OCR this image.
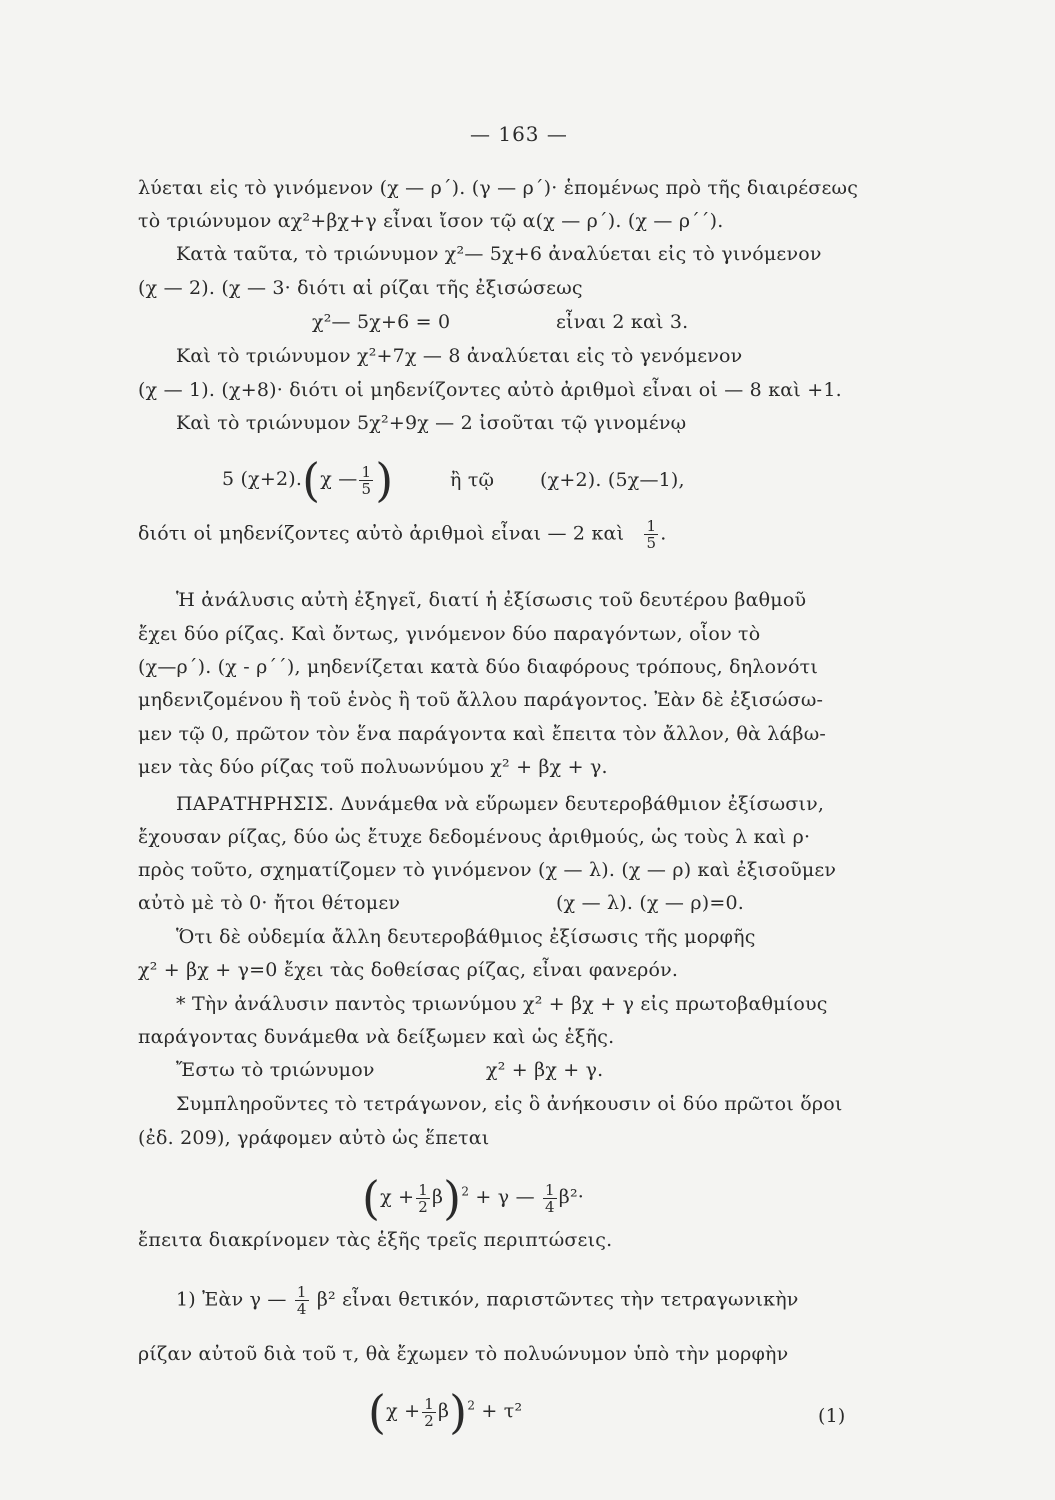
— 163 —
λύεται εἰς τὸ γινόμενον (χ — ρ΄). (γ — ρ΄)· ἑπομένως πρὸ τῆς διαιρέσεως
τὸ τριώνυμον αχ²+βχ+γ εἶναι ἴσον τῷ α(χ — ρ΄). (χ — ρ΄΄).
Κατὰ ταῦτα, τὸ τριώνυμον χ²— 5χ+6 ἀναλύεται εἰς τὸ γινόμενον
(χ — 2). (χ — 3· διότι αἱ ρίζαι τῆς ἐξισώσεως
χ²— 5χ+6 = 0	εἶναι 2 καὶ 3.
Καὶ τὸ τριώνυμον χ²+7χ — 8 ἀναλύεται εἰς τὸ γενόμενον
(χ — 1). (χ+8)· διότι οἱ μηδενίζοντες αὐτὸ ἀριθμοὶ εἶναι οἱ — 8 καὶ +1.
Καὶ τὸ τριώνυμον 5χ²+9χ — 2 ἰσοῦται τῷ γινομένῳ
5 (χ+2).(χ — $\frac{1}{5}$ )	ἢ τῷ (χ+2). (5χ—1),
διότι οἱ μηδενίζοντες αὐτὸ ἀριθμοὶ εἶναι — 2 καὶ $\frac{1}{5}$ .
Ἡ ἀνάλυσις αὐτὴ ἐξηγεῖ, διατί ἡ ἐξίσωσις τοῦ δευτέρου βαθμοῦ
ἔχει δύο ρίζας. Καὶ ὄντως, γινόμενον δύο παραγόντων, οἷον τὸ
(χ—ρ΄). (χ - ρ΄΄), μηδενίζεται κατὰ δύο διαφόρους τρόπους, δηλονότι
μηδενιζομένου ἢ τοῦ ἑνὸς ἢ τοῦ ἄλλου παράγοντος. Ἐὰν δὲ ἐξισώσω-
μεν τῷ 0, πρῶτον τὸν ἕνα παράγοντα καὶ ἔπειτα τὸν ἄλλον, θὰ λάβω-
μεν τὰς δύο ρίζας τοῦ πολυωνύμου χ² + βχ + γ.
ΠΑΡΑΤΗΡΗΣΙΣ. Δυνάμεθα νὰ εὕρωμεν δευτεροβάθμιον ἐξίσωσιν,
ἔχουσαν ρίζας, δύο ὡς ἔτυχε δεδομένους ἀριθμούς, ὡς τοὺς λ καὶ ρ·
πρὸς τοῦτο, σχηματίζομεν τὸ γινόμενον (χ — λ). (χ — ρ) καὶ ἐξισοῦμεν
αὐτὸ μὲ τὸ 0· ἤτοι θέτομεν	(χ — λ). (χ — ρ)=0.
Ὅτι δὲ οὐδεμία ἄλλη δευτεροβάθμιος ἐξίσωσις τῆς μορφῆς
χ² + βχ + γ=0 ἔχει τὰς δοθείσας ρίζας, εἶναι φανερόν.
* Τὴν ἀνάλυσιν παντὸς τριωνύμου χ² + βχ + γ εἰς πρωτοβαθμίους
παράγοντας δυνάμεθα νὰ δείξωμεν καὶ ὡς ἑξῆς.
Ἔστω τὸ τριώνυμον	χ² + βχ + γ.
Συμπληροῦντες τὸ τετράγωνον, εἰς ὃ ἀνήκουσιν οἱ δύο πρῶτοι ὅροι
(ἐδ. 209), γράφομεν αὐτὸ ὡς ἕπεται
$(\chi + \frac{1}{2} \beta)^2 + \gamma$ — $\frac{1}{4} \beta^2\cdot$
ἔπειτα διακρίνομεν τὰς ἑξῆς τρεῖς περιπτώσεις.
1) Ἐὰν γ — $\frac{1}{4} \beta^2$ εἶναι θετικόν, παριστῶντες τὴν τετραγωνικὴν
ρίζαν αὐτοῦ διὰ τοῦ τ, θὰ ἔχωμεν τὸ πολυώνυμον ὑπὸ τὴν μορφὴν
$(\chi + \frac{1}{2} \beta)^2 + \tau^2$	(1)
